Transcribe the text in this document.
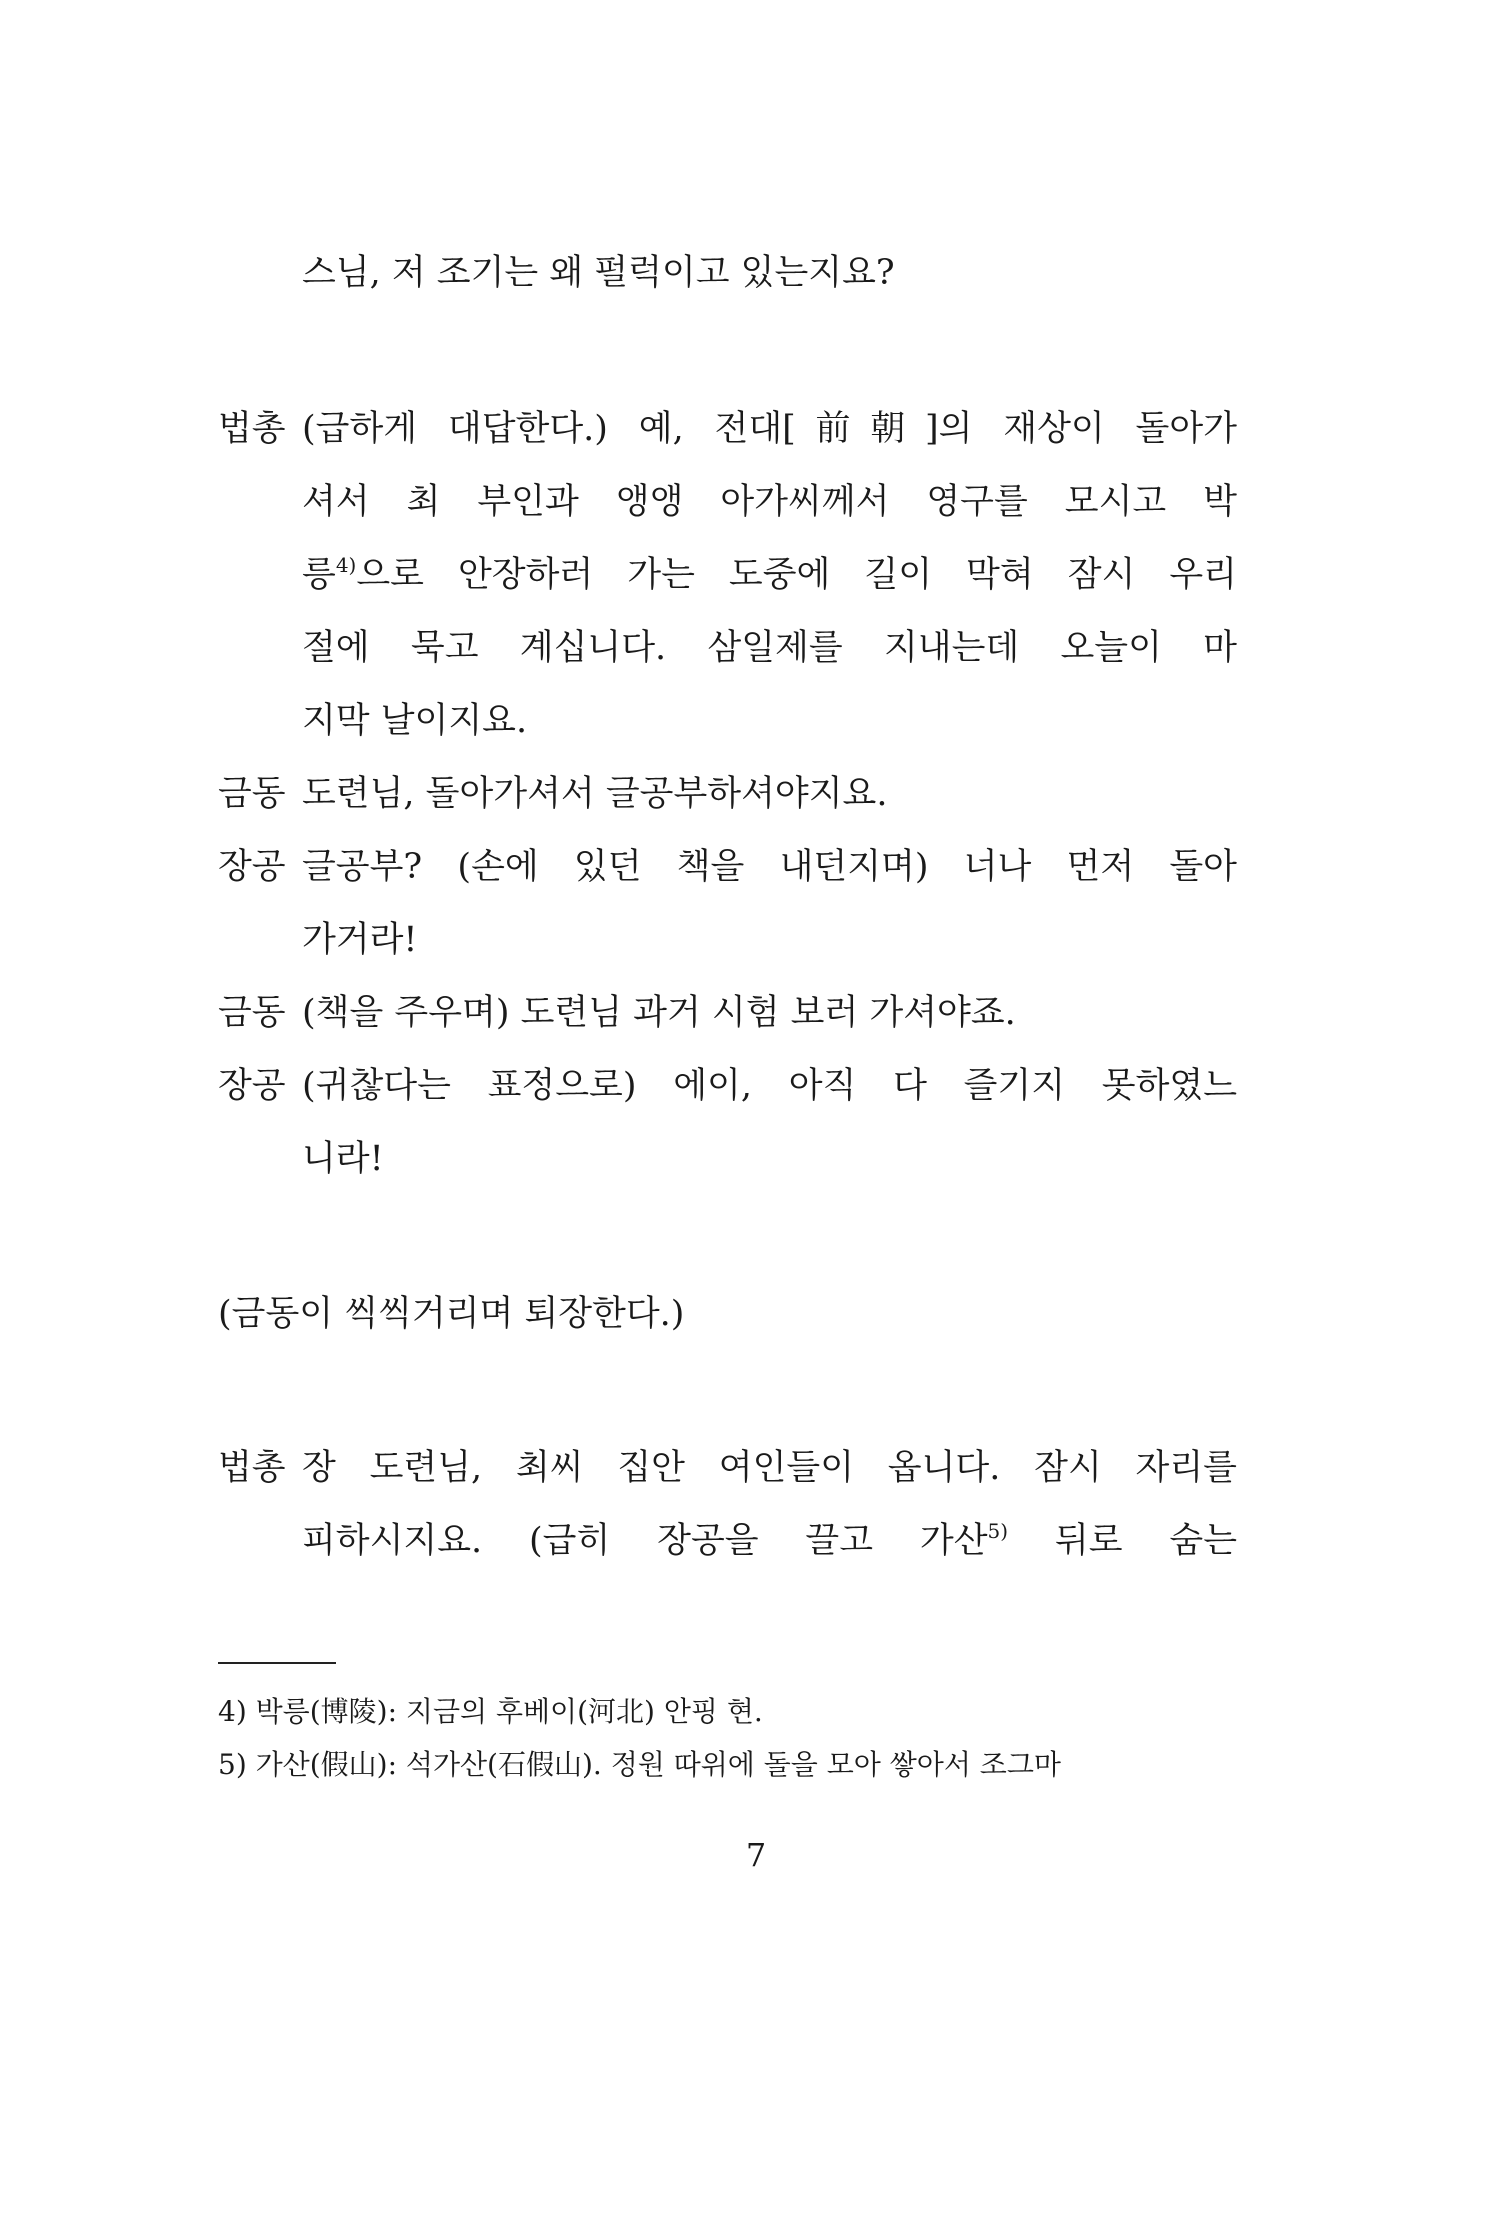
스님, 저 조기는 왜 펄럭이고 있는지요?
법총 (급하게 대답한다.) 예, 전대[前朝]의 재상이 돌아가
셔서 최 부인과 앵앵 아가씨께서 영구를 모시고 박
릉$^{4)}$으로 안장하러 가는 도중에 길이 막혀 잠시 우리
절에 묵고 계십니다. 삼일제를 지내는데 오늘이 마
지막 날이지요.
금동 도련님, 돌아가셔서 글공부하셔야지요.
장공 글공부? (손에 있던 책을 내던지며) 너나 먼저 돌아
가거라!
금동 (책을 주우며) 도련님 과거 시험 보러 가셔야죠.
장공 (귀찮다는 표정으로) 에이, 아직 다 즐기지 못하였느
니라!
(금동이 씩씩거리며 퇴장한다.)
법총 장 도련님, 최씨 집안 여인들이 옵니다. 잠시 자리를
피하시지요. (급히 장공을 끌고 가산$^{5)}$ 뒤로 숨는
4) 박릉(博陵): 지금의 후베이(河北) 안핑 현.
5) 가산(假山): 석가산(石假山). 정원 따위에 돌을 모아 쌓아서 조그마
7
